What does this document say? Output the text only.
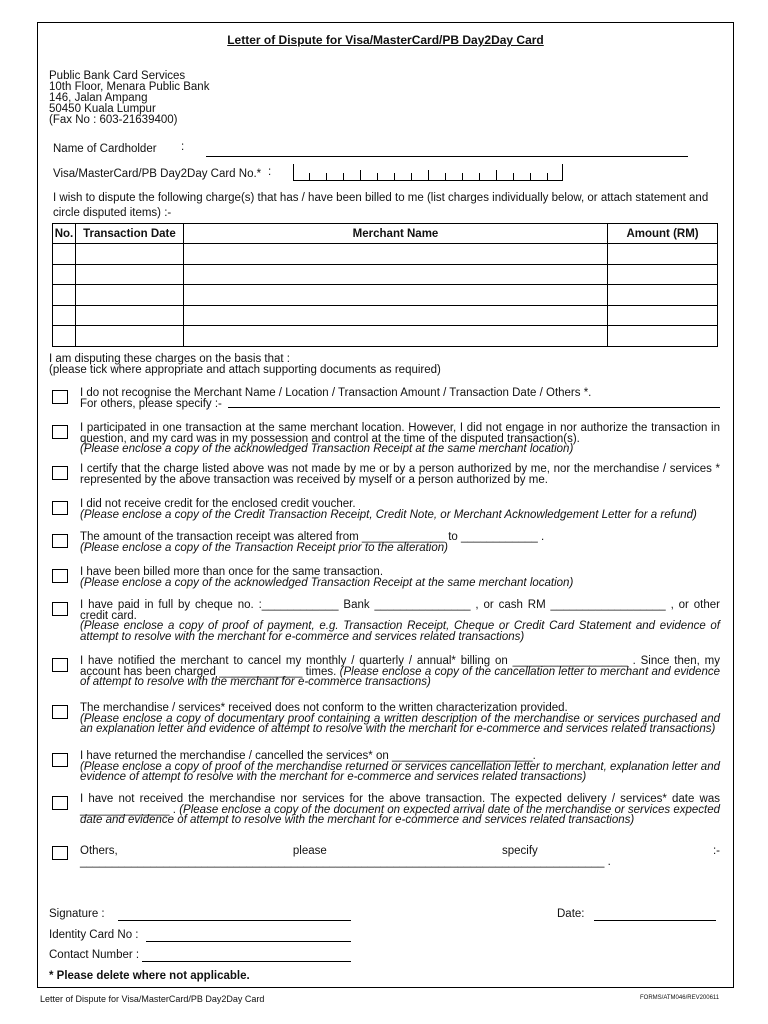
Letter of Dispute for Visa/MasterCard/PB Day2Day Card
Public Bank Card Services
10th Floor, Menara Public Bank
146, Jalan Ampang
50450 Kuala Lumpur
(Fax No : 603-21639400)
Name of Cardholder :
Visa/MasterCard/PB Day2Day Card No.* :
I wish to dispute the following charge(s) that has / have been billed to me (list charges individually below, or attach statement and circle disputed items) :-
No.	Transaction Date	Merchant Name	Amount (RM)

I am disputing these charges on the basis that :
(please tick where appropriate and attach supporting documents as required)
I do not recognise the Merchant Name / Location / Transaction Amount / Transaction Date / Others *.
For others, please specify :-
I participated in one transaction at the same merchant location. However, I did not engage in nor authorize the transaction in question, and my card was in my possession and control at the time of the disputed transaction(s).
(Please enclose a copy of the acknowledged Transaction Receipt at the same merchant location)
I certify that the charge listed above was not made by me or by a person authorized by me, nor the merchandise / services * represented by the above transaction was received by myself or a person authorized by me.
I did not receive credit for the enclosed credit voucher.
(Please enclose a copy of the Credit Transaction Receipt, Credit Note, or Merchant Acknowledgement Letter for a refund)
The amount of the transaction receipt was altered from _____________ to ____________ .
(Please enclose a copy of the Transaction Receipt prior to the alteration)
I have been billed more than once for the same transaction.
(Please enclose a copy of the acknowledged Transaction Receipt at the same merchant location)
I have paid in full by cheque no. :____________ Bank _______________ , or cash RM __________________ , or other credit card.
(Please enclose a copy of proof of payment, e.g. Transaction Receipt, Cheque or Credit Card Statement and evidence of attempt to resolve with the merchant for e-commerce and services related transactions)
I have notified the merchant to cancel my monthly / quarterly / annual* billing on __________________ . Since then, my account has been charged _____________ times. (Please enclose a copy of the cancellation letter to merchant and evidence of attempt to resolve with the merchant for e-commerce transactions)
The merchandise / services* received does not conform to the written characterization provided.
(Please enclose a copy of documentary proof containing a written description of the merchandise or services purchased and an explanation letter and evidence of attempt to resolve with the merchant for e-commerce and services related transactions)
I have returned the merchandise / cancelled the services* on ______________________.
(Please enclose a copy of proof of the merchandise returned or services cancellation letter to merchant, explanation letter and evidence of attempt to resolve with the merchant for e-commerce and services related transactions)
I have not received the merchandise nor services for the above transaction. The expected delivery / services* date was ______________ . (Please enclose a copy of the document on expected arrival date of the merchandise or services expected date and evidence of attempt to resolve with the merchant for e-commerce and services related transactions)
Others, please specify :- __________________________________________________________________________________ .
Signature :	Date:
Identity Card No :
Contact Number :
* Please delete where not applicable.
Letter of Dispute for Visa/MasterCard/PB Day2Day Card	FORMS/ATM046/REV200611
